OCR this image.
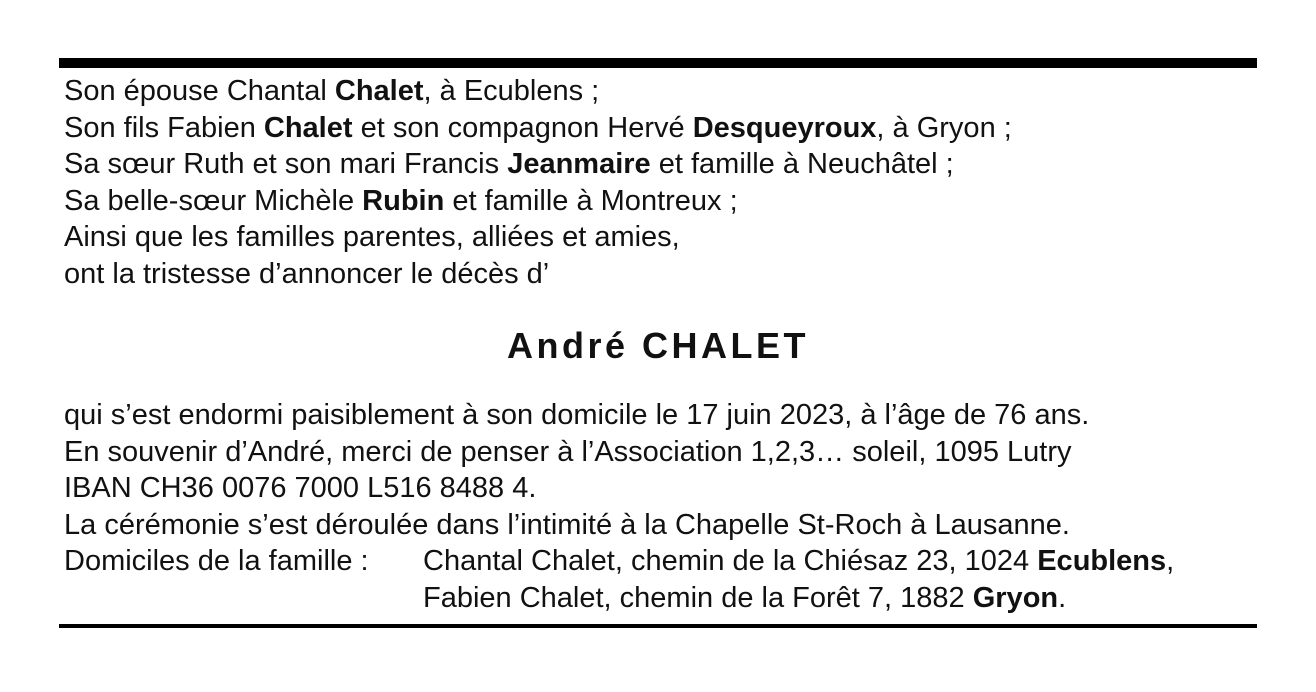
Son épouse Chantal Chalet, à Ecublens ;
Son fils Fabien Chalet et son compagnon Hervé Desqueyroux, à Gryon ;
Sa sœur Ruth et son mari Francis Jeanmaire et famille à Neuchâtel ;
Sa belle-sœur Michèle Rubin et famille à Montreux ;
Ainsi que les familles parentes, alliées et amies,
ont la tristesse d’annoncer le décès d’
André CHALET
qui s’est endormi paisiblement à son domicile le 17 juin 2023, à l’âge de 76 ans.
En souvenir d’André, merci de penser à l’Association 1,2,3… soleil, 1095 Lutry
IBAN CH36 0076 7000 L516 8488 4.
La cérémonie s’est déroulée dans l’intimité à la Chapelle St-Roch à Lausanne.
Domiciles de la famille : Chantal Chalet, chemin de la Chiésaz 23, 1024 Ecublens,
Fabien Chalet, chemin de la Forêt 7, 1882 Gryon.
